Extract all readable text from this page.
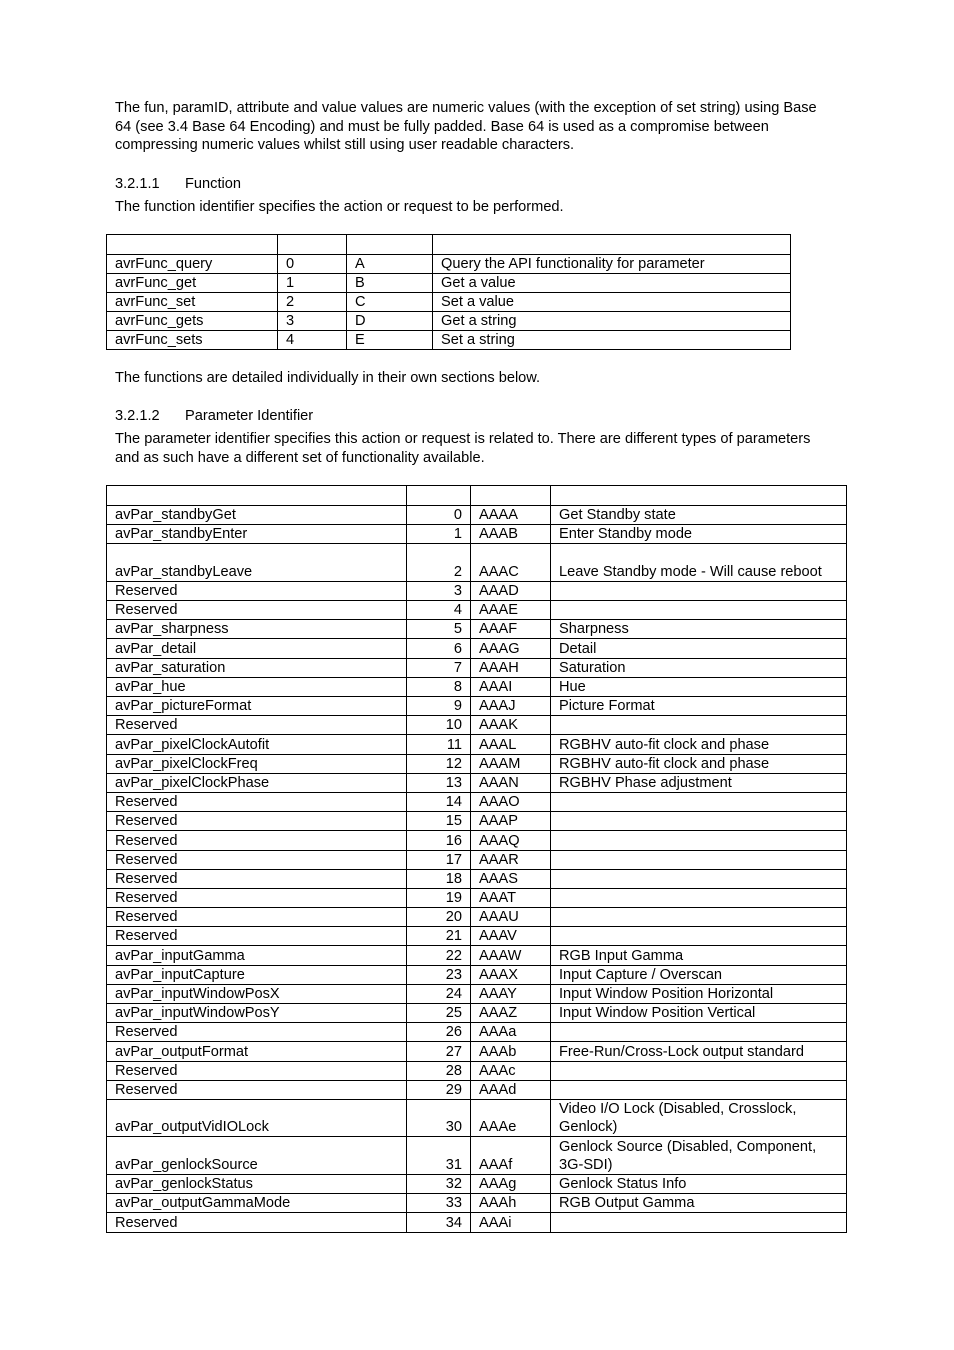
The fun, paramID, attribute and value values are numeric values (with the exception of set string) using Base 64 (see 3.4 Base 64 Encoding) and must be fully padded. Base 64 is used as a compromise between compressing numeric values whilst still using user readable characters.

3.2.1.1 Function

The function identifier specifies the action or request to be performed.

avrFunc_query	0	A	Query the API functionality for parameter
avrFunc_get	1	B	Get a value
avrFunc_set	2	C	Set a value
avrFunc_gets	3	D	Get a string
avrFunc_sets	4	E	Set a string

The functions are detailed individually in their own sections below.

3.2.1.2 Parameter Identifier

The parameter identifier specifies this action or request is related to. There are different types of parameters and as such have a different set of functionality available.

avPar_standbyGet	0	AAAA	Get Standby state
avPar_standbyEnter	1	AAAB	Enter Standby mode
avPar_standbyLeave	2	AAAC	Leave Standby mode - Will cause reboot
Reserved	3	AAAD	
Reserved	4	AAAE	
avPar_sharpness	5	AAAF	Sharpness
avPar_detail	6	AAAG	Detail
avPar_saturation	7	AAAH	Saturation
avPar_hue	8	AAAI	Hue
avPar_pictureFormat	9	AAAJ	Picture Format
Reserved	10	AAAK	
avPar_pixelClockAutofit	11	AAAL	RGBHV auto-fit clock and phase
avPar_pixelClockFreq	12	AAAM	RGBHV auto-fit clock and phase
avPar_pixelClockPhase	13	AAAN	RGBHV Phase adjustment
Reserved	14	AAAO	
Reserved	15	AAAP	
Reserved	16	AAAQ	
Reserved	17	AAAR	
Reserved	18	AAAS	
Reserved	19	AAAT	
Reserved	20	AAAU	
Reserved	21	AAAV	
avPar_inputGamma	22	AAAW	RGB Input Gamma
avPar_inputCapture	23	AAAX	Input Capture / Overscan
avPar_inputWindowPosX	24	AAAY	Input Window Position Horizontal
avPar_inputWindowPosY	25	AAAZ	Input Window Position Vertical
Reserved	26	AAAa	
avPar_outputFormat	27	AAAb	Free-Run/Cross-Lock output standard
Reserved	28	AAAc	
Reserved	29	AAAd	
avPar_outputVidIOLock	30	AAAe	Video I/O Lock (Disabled, Crosslock, Genlock)
avPar_genlockSource	31	AAAf	Genlock Source (Disabled, Component, 3G-SDI)
avPar_genlockStatus	32	AAAg	Genlock Status Info
avPar_outputGammaMode	33	AAAh	RGB Output Gamma
Reserved	34	AAAi	
